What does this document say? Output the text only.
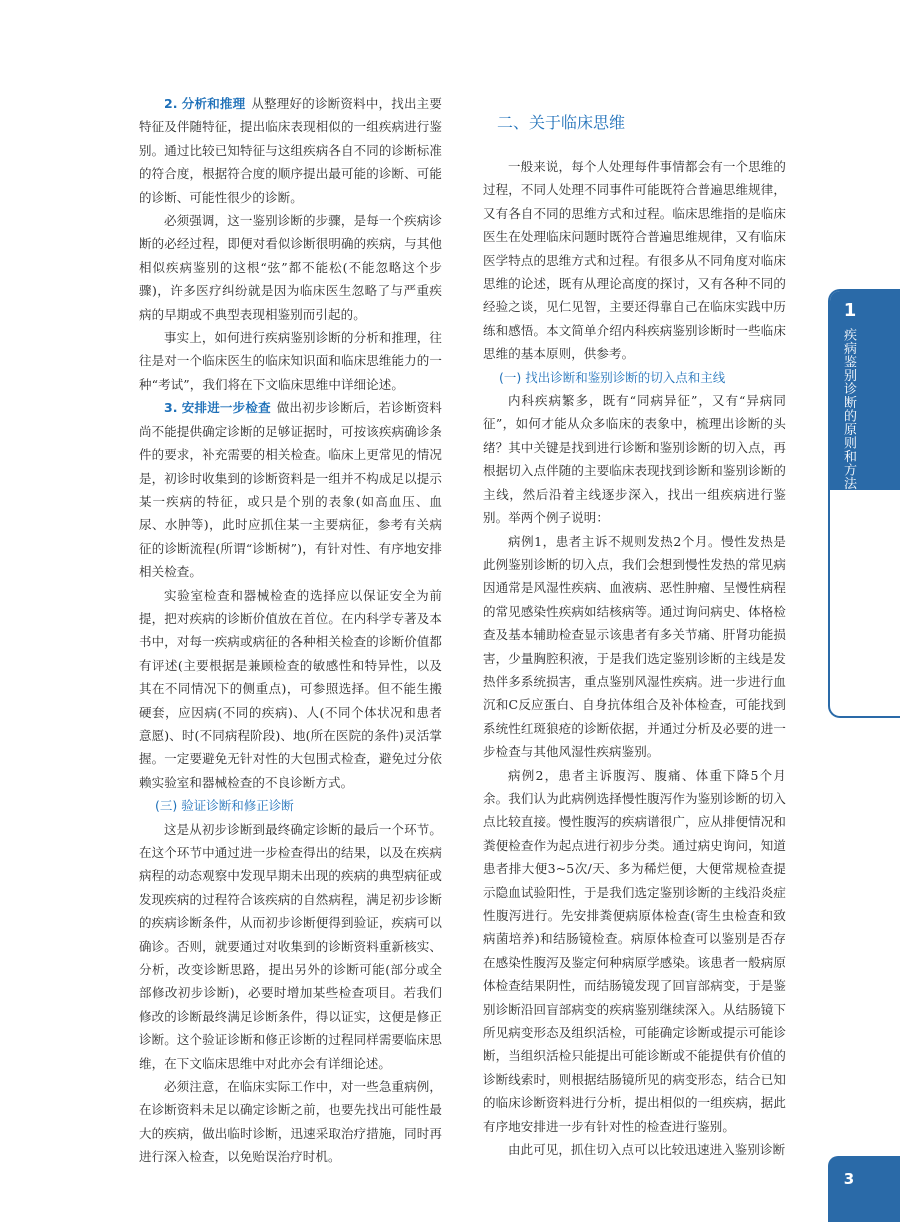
2. 分析和推理 从整理好的诊断资料中，找出主要特征及伴随特征，提出临床表现相似的一组疾病进行鉴别。通过比较已知特征与这组疾病各自不同的诊断标准的符合度，根据符合度的顺序提出最可能的诊断、可能的诊断、可能性很少的诊断。

必须强调，这一鉴别诊断的步骤，是每一个疾病诊断的必经过程，即便对看似诊断很明确的疾病，与其他相似疾病鉴别的这根“弦”都不能松(不能忽略这个步骤)，许多医疗纠纷就是因为临床医生忽略了与严重疾病的早期或不典型表现相鉴别而引起的。

事实上，如何进行疾病鉴别诊断的分析和推理，往往是对一个临床医生的临床知识面和临床思维能力的一种“考试”，我们将在下文临床思维中详细论述。

3. 安排进一步检查 做出初步诊断后，若诊断资料尚不能提供确定诊断的足够证据时，可按该疾病确诊条件的要求，补充需要的相关检查。临床上更常见的情况是，初诊时收集到的诊断资料是一组并不构成足以提示某一疾病的特征，或只是个别的表象(如高血压、血尿、水肿等)，此时应抓住某一主要病征，参考有关病征的诊断流程(所谓“诊断树”)，有针对性、有序地安排相关检查。

实验室检查和器械检查的选择应以保证安全为前提，把对疾病的诊断价值放在首位。在内科学专著及本书中，对每一疾病或病征的各种相关检查的诊断价值都有评述(主要根据是兼顾检查的敏感性和特异性，以及其在不同情况下的侧重点)，可参照选择。但不能生搬硬套，应因病(不同的疾病)、人(不同个体状况和患者意愿)、时(不同病程阶段)、地(所在医院的条件)灵活掌握。一定要避免无针对性的大包围式检查，避免过分依赖实验室和器械检查的不良诊断方式。

(三) 验证诊断和修正诊断

这是从初步诊断到最终确定诊断的最后一个环节。在这个环节中通过进一步检查得出的结果，以及在疾病病程的动态观察中发现早期未出现的疾病的典型病征或发现疾病的过程符合该疾病的自然病程，满足初步诊断的疾病诊断条件，从而初步诊断便得到验证，疾病可以确诊。否则，就要通过对收集到的诊断资料重新核实、分析，改变诊断思路，提出另外的诊断可能(部分或全部修改初步诊断)，必要时增加某些检查项目。若我们修改的诊断最终满足诊断条件，得以证实，这便是修正诊断。这个验证诊断和修正诊断的过程同样需要临床思维，在下文临床思维中对此亦会有详细论述。

必须注意，在临床实际工作中，对一些急重病例，在诊断资料未足以确定诊断之前，也要先找出可能性最大的疾病，做出临时诊断，迅速采取治疗措施，同时再进行深入检查，以免贻误治疗时机。

二、关于临床思维

一般来说，每个人处理每件事情都会有一个思维的过程，不同人处理不同事件可能既符合普遍思维规律，又有各自不同的思维方式和过程。临床思维指的是临床医生在处理临床问题时既符合普遍思维规律，又有临床医学特点的思维方式和过程。有很多从不同角度对临床思维的论述，既有从理论高度的探讨，又有各种不同的经验之谈，见仁见智，主要还得靠自己在临床实践中历练和感悟。本文简单介绍内科疾病鉴别诊断时一些临床思维的基本原则，供参考。

(一) 找出诊断和鉴别诊断的切入点和主线

内科疾病繁多，既有“同病异征”，又有“异病同征”，如何才能从众多临床的表象中，梳理出诊断的头绪？其中关键是找到进行诊断和鉴别诊断的切入点，再根据切入点伴随的主要临床表现找到诊断和鉴别诊断的主线，然后沿着主线逐步深入，找出一组疾病进行鉴别。举两个例子说明：

病例1，患者主诉不规则发热2个月。慢性发热是此例鉴别诊断的切入点，我们会想到慢性发热的常见病因通常是风湿性疾病、血液病、恶性肿瘤、呈慢性病程的常见感染性疾病如结核病等。通过询问病史、体格检查及基本辅助检查显示该患者有多关节痛、肝肾功能损害，少量胸腔积液，于是我们选定鉴别诊断的主线是发热伴多系统损害，重点鉴别风湿性疾病。进一步进行血沉和C反应蛋白、自身抗体组合及补体检查，可能找到系统性红斑狼疮的诊断依据，并通过分析及必要的进一步检查与其他风湿性疾病鉴别。

病例2，患者主诉腹泻、腹痛、体重下降5个月余。我们认为此病例选择慢性腹泻作为鉴别诊断的切入点比较直接。慢性腹泻的疾病谱很广，应从排便情况和粪便检查作为起点进行初步分类。通过病史询问，知道患者排大便3~5次/天、多为稀烂便，大便常规检查提示隐血试验阳性，于是我们选定鉴别诊断的主线沿炎症性腹泻进行。先安排粪便病原体检查(寄生虫检查和致病菌培养)和结肠镜检查。病原体检查可以鉴别是否存在感染性腹泻及鉴定何种病原学感染。该患者一般病原体检查结果阴性，而结肠镜发现了回盲部病变，于是鉴别诊断沿回盲部病变的疾病鉴别继续深入。从结肠镜下所见病变形态及组织活检，可能确定诊断或提示可能诊断，当组织活检只能提出可能诊断或不能提供有价值的诊断线索时，则根据结肠镜所见的病变形态，结合已知的临床诊断资料进行分析，提出相似的一组疾病，据此有序地安排进一步有针对性的检查进行鉴别。

由此可见，抓住切入点可以比较迅速进入鉴别诊断

1
疾病鉴别诊断的原则和方法
3
